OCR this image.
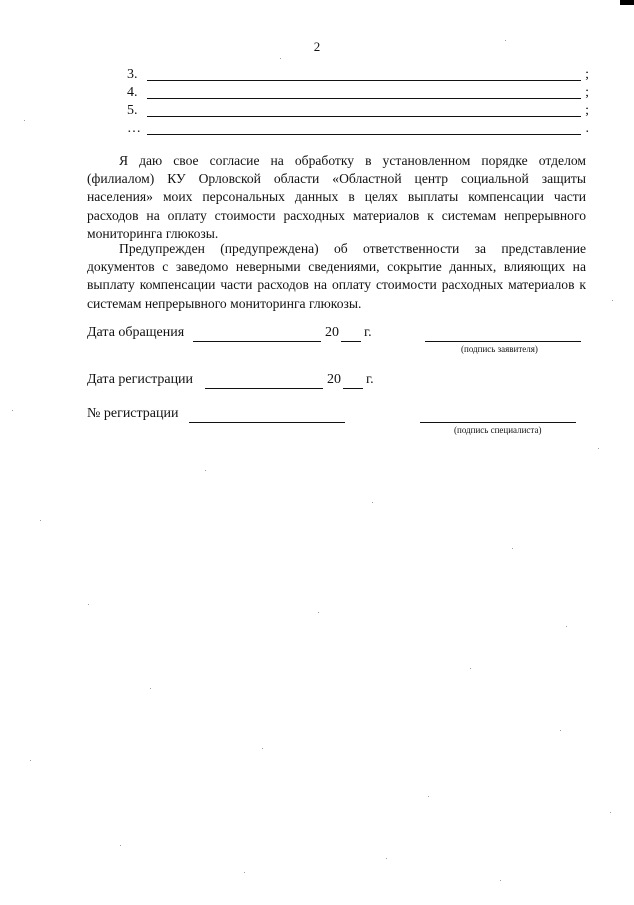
2
3.	;
4.	;
5.	;
…	.

Я даю свое согласие на обработку в установленном порядке отделом (филиалом) КУ Орловской области «Областной центр социальной защиты населения» моих персональных данных в целях выплаты компенсации части расходов на оплату стоимости расходных материалов к системам непрерывного мониторинга глюкозы.

Предупрежден (предупреждена) об ответственности за представление документов с заведомо неверными сведениями, сокрытие данных, влияющих на выплату компенсации части расходов на оплату стоимости расходных материалов к системам непрерывного мониторинга глюкозы.

Дата обращения	20 г.
(подпись заявителя)
Дата регистрации	20 г.
№ регистрации
(подпись специалиста)
